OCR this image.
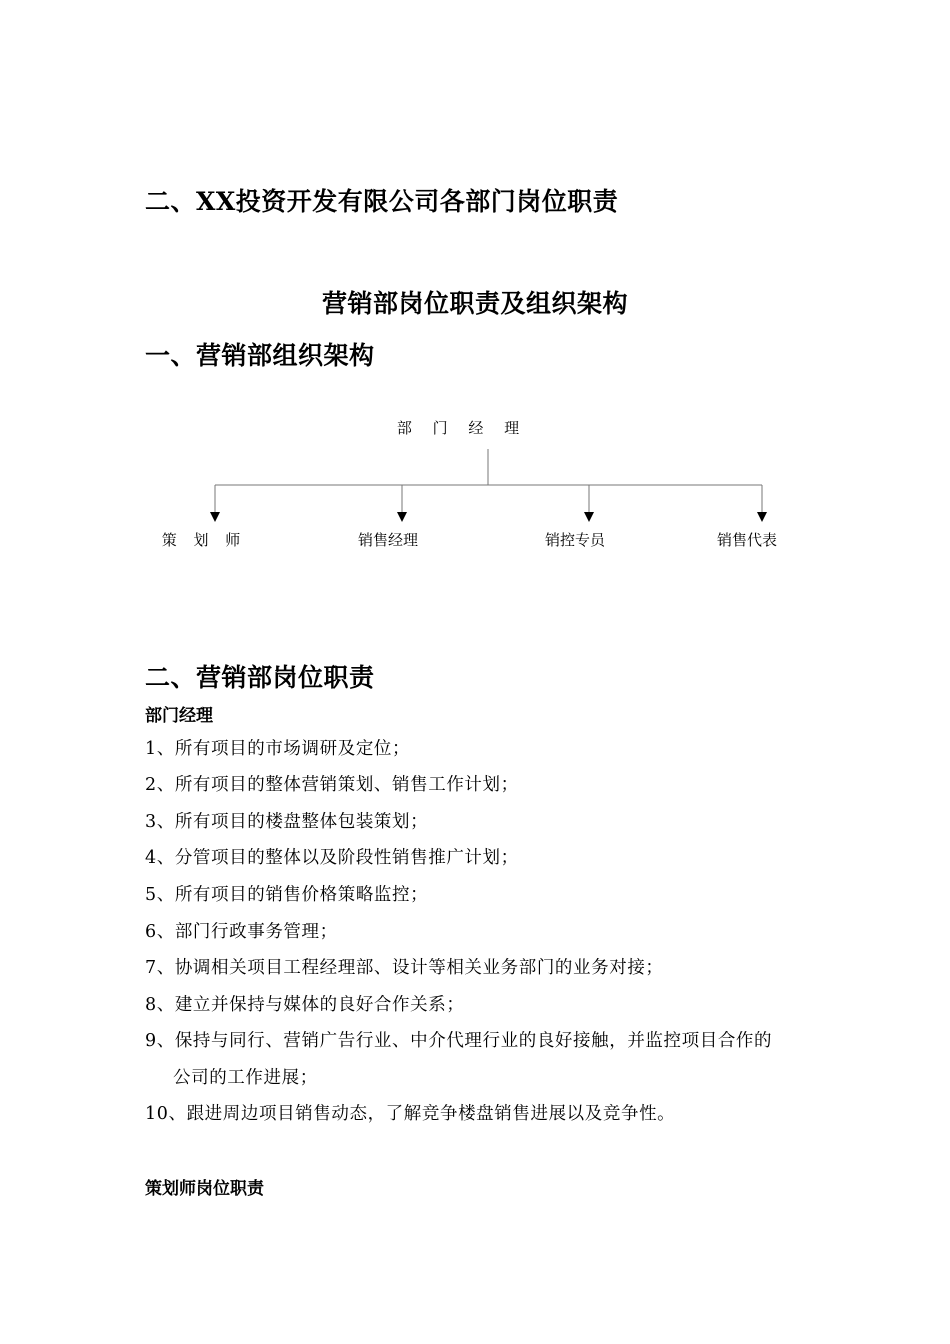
二、XX投资开发有限公司各部门岗位职责
营销部岗位职责及组织架构
一、营销部组织架构
部 门 经 理
策 划 师	销售经理	销控专员	销售代表
二、营销部岗位职责
部门经理
1、所有项目的市场调研及定位；
2、所有项目的整体营销策划、销售工作计划；
3、所有项目的楼盘整体包装策划；
4、分管项目的整体以及阶段性销售推广计划；
5、所有项目的销售价格策略监控；
6、部门行政事务管理；
7、协调相关项目工程经理部、设计等相关业务部门的业务对接；
8、建立并保持与媒体的良好合作关系；
9、保持与同行、营销广告行业、中介代理行业的良好接触，并监控项目合作的
公司的工作进展；
10、跟进周边项目销售动态，了解竞争楼盘销售进展以及竞争性。
策划师岗位职责
